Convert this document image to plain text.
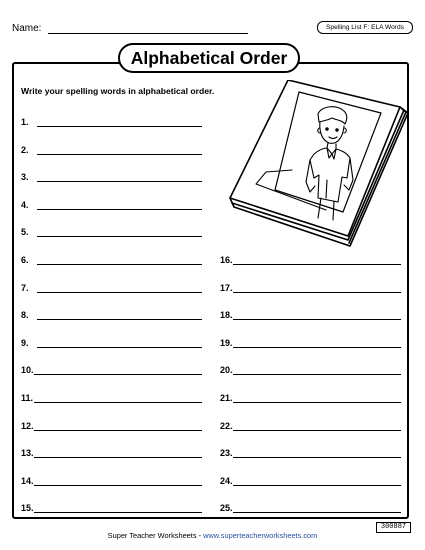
Name:	Spelling List F: ELA Words
Alphabetical Order
Write your spelling words in alphabetical order.
1.
2.
3.
4.
5.
6.
7.
8.
9.
10.
11.
12.
13.
14.
15.
16.
17.
18.
19.
20.
21.
22.
23.
24.
25.
Super Teacher Worksheets - www.superteacherworksheets.com
300887
